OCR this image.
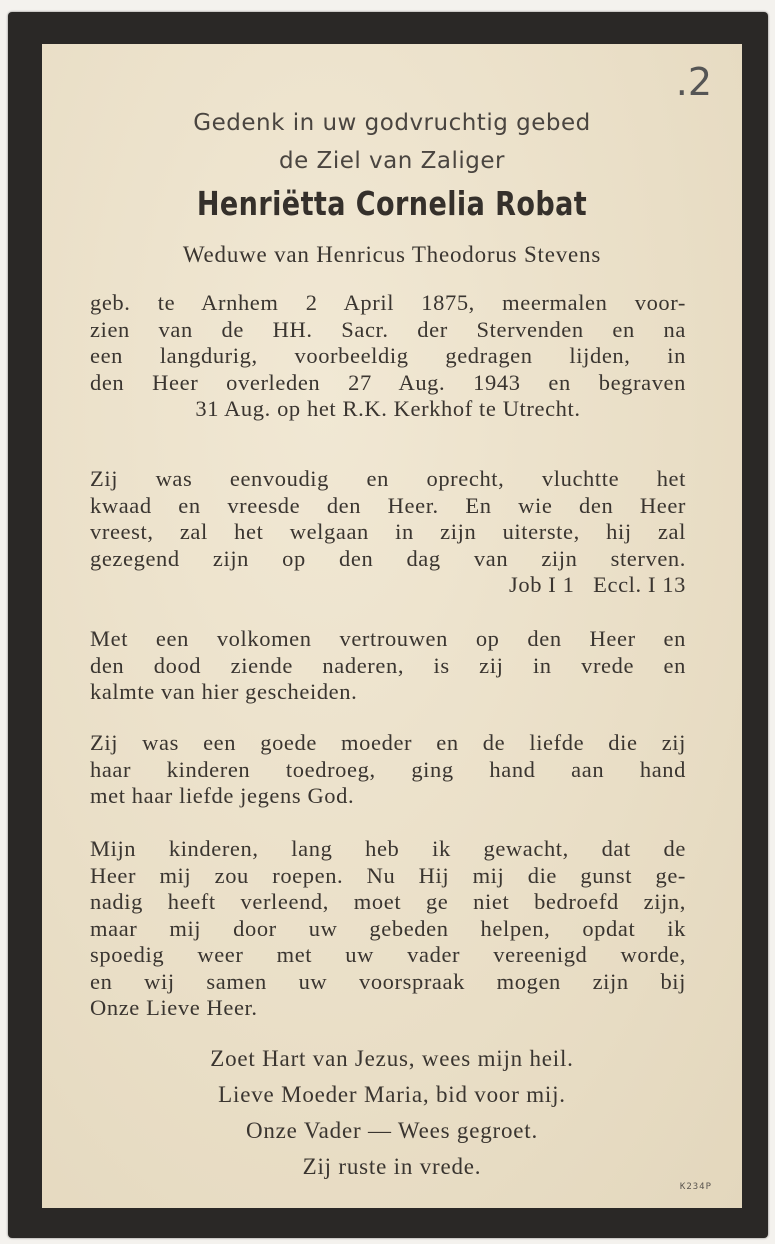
.2
Gedenk in uw godvruchtig gebed
de Ziel van Zaliger
Henriëtta Cornelia Robat
Weduwe van Henricus Theodorus Stevens
geb. te Arnhem 2 April 1875, meermalen voor-
zien van de HH. Sacr. der Stervenden en na
een langdurig, voorbeeldig gedragen lijden, in
den Heer overleden 27 Aug. 1943 en begraven
31 Aug. op het R.K. Kerkhof te Utrecht.
Zij was eenvoudig en oprecht, vluchtte het
kwaad en vreesde den Heer. En wie den Heer
vreest, zal het welgaan in zijn uiterste, hij zal
gezegend zijn op den dag van zijn sterven.
Job I 1   Eccl. I 13
Met een volkomen vertrouwen op den Heer en
den dood ziende naderen, is zij in vrede en
kalmte van hier gescheiden.
Zij was een goede moeder en de liefde die zij
haar kinderen toedroeg, ging hand aan hand
met haar liefde jegens God.
Mijn kinderen, lang heb ik gewacht, dat de
Heer mij zou roepen. Nu Hij mij die gunst ge-
nadig heeft verleend, moet ge niet bedroefd zijn,
maar mij door uw gebeden helpen, opdat ik
spoedig weer met uw vader vereenigd worde,
en wij samen uw voorspraak mogen zijn bij
Onze Lieve Heer.
Zoet Hart van Jezus, wees mijn heil.
Lieve Moeder Maria, bid voor mij.
Onze Vader — Wees gegroet.
Zij ruste in vrede.
K234P
